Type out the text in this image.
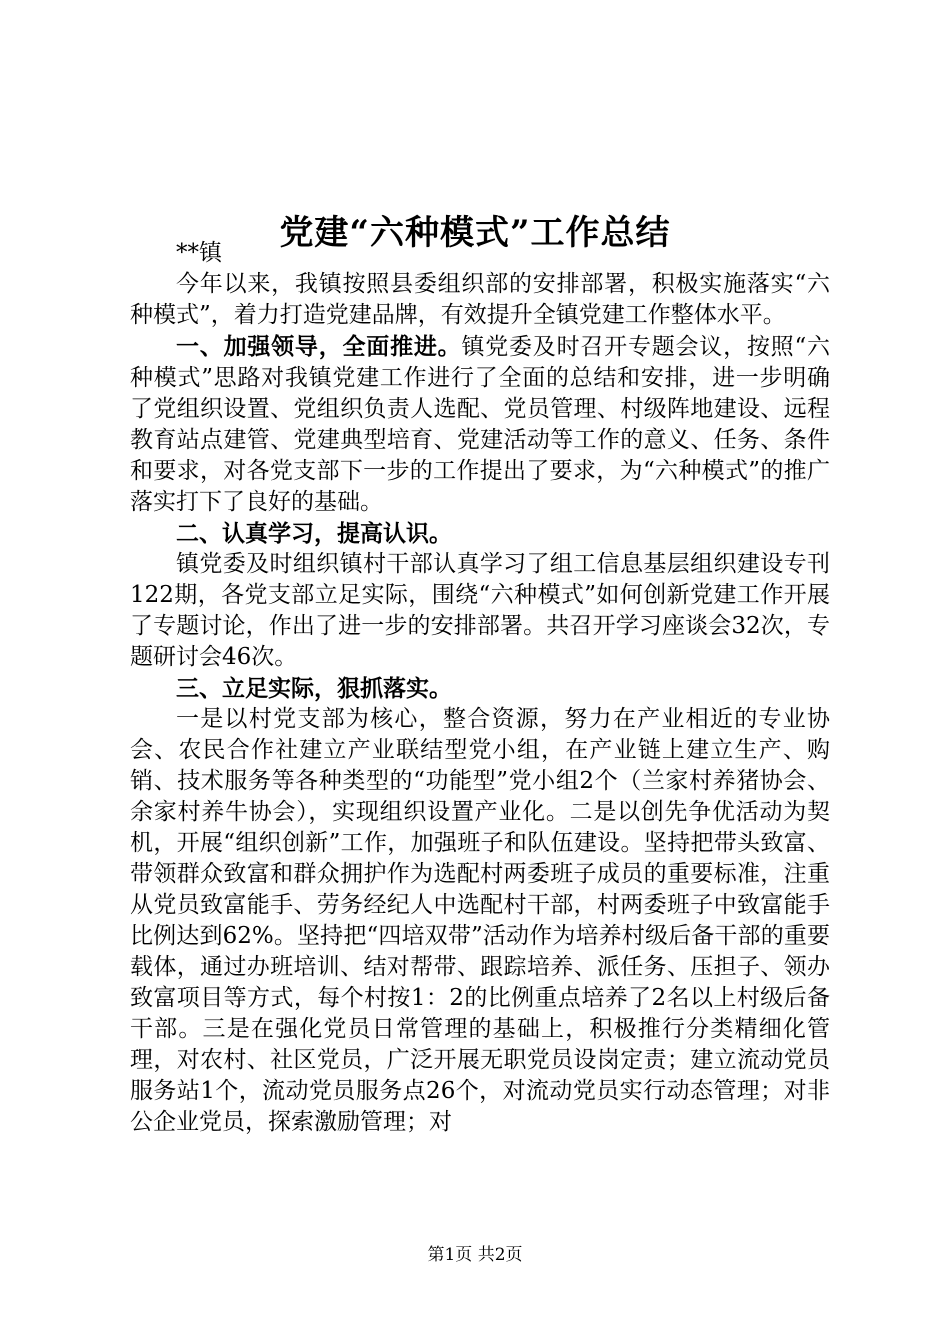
党建“六种模式”工作总结

**镇

今年以来，我镇按照县委组织部的安排部署，积极实施落实“六种模式”，着力打造党建品牌，有效提升全镇党建工作整体水平。

一、加强领导，全面推进。镇党委及时召开专题会议，按照“六种模式”思路对我镇党建工作进行了全面的总结和安排，进一步明确了党组织设置、党组织负责人选配、党员管理、村级阵地建设、远程教育站点建管、党建典型培育、党建活动等工作的意义、任务、条件和要求，对各党支部下一步的工作提出了要求，为“六种模式”的推广落实打下了良好的基础。

二、认真学习，提高认识。

镇党委及时组织镇村干部认真学习了组工信息基层组织建设专刊122期，各党支部立足实际，围绕“六种模式”如何创新党建工作开展了专题讨论，作出了进一步的安排部署。共召开学习座谈会32次，专题研讨会46次。

三、立足实际，狠抓落实。

一是以村党支部为核心，整合资源，努力在产业相近的专业协会、农民合作社建立产业联结型党小组，在产业链上建立生产、购销、技术服务等各种类型的“功能型”党小组2个（兰家村养猪协会、余家村养牛协会），实现组织设置产业化。二是以创先争优活动为契机，开展“组织创新”工作，加强班子和队伍建设。坚持把带头致富、带领群众致富和群众拥护作为选配村两委班子成员的重要标准，注重从党员致富能手、劳务经纪人中选配村干部，村两委班子中致富能手比例达到62%。坚持把“四培双带”活动作为培养村级后备干部的重要载体，通过办班培训、结对帮带、跟踪培养、派任务、压担子、领办致富项目等方式，每个村按1：2的比例重点培养了2名以上村级后备干部。三是在强化党员日常管理的基础上，积极推行分类精细化管理，对农村、社区党员，广泛开展无职党员设岗定责；建立流动党员服务站1个，流动党员服务点26个，对流动党员实行动态管理；对非公企业党员，探索激励管理；对

第1页 共2页
